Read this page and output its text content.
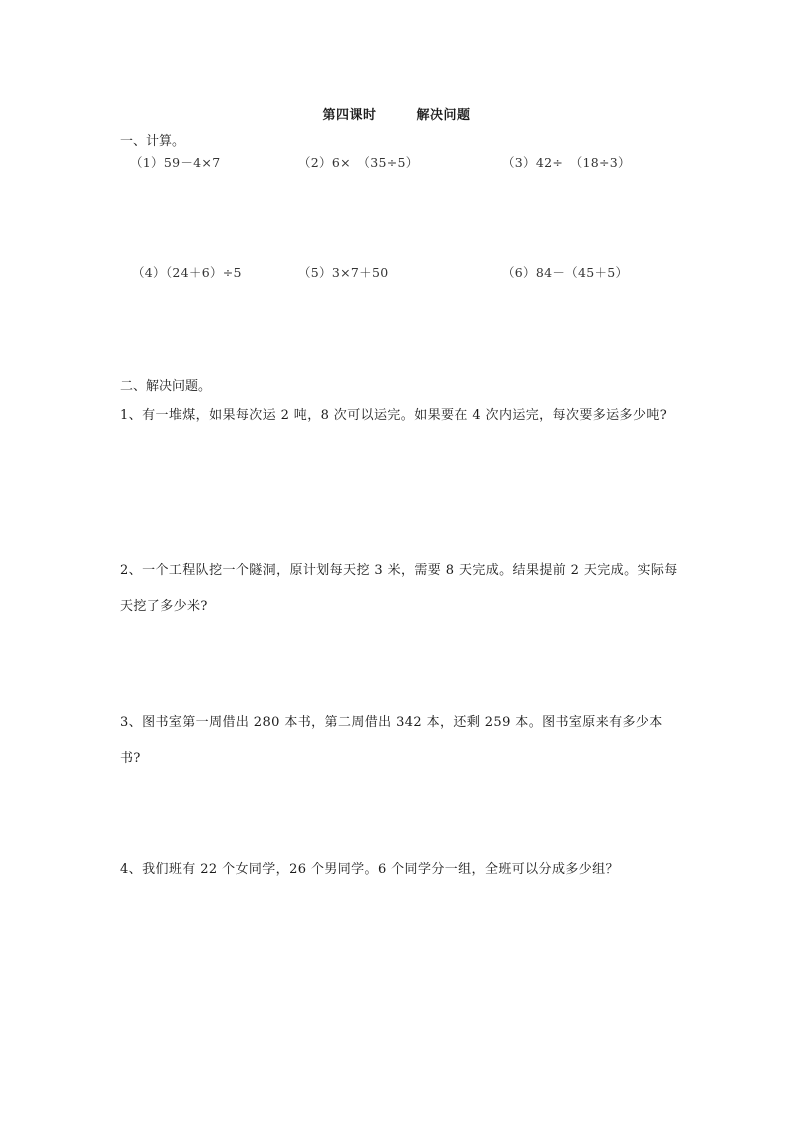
第四课时	解决问题
一、计算。
（1）59－4×7	（2）6×　（35÷5）	（3）42÷　（18÷3）
（4）（24＋6）÷5	（5）3×7＋50	（6）84－（45＋5）
二、解决问题。
1、有一堆煤，如果每次运 2 吨，8 次可以运完。如果要在 4 次内运完，每次要多运多少吨?
2、一个工程队挖一个隧洞，原计划每天挖 3 米，需要 8 天完成。结果提前 2 天完成。实际每天挖了多少米?
3、图书室第一周借出 280 本书，第二周借出 342 本，还剩 259 本。图书室原来有多少本书?
4、我们班有 22 个女同学，26 个男同学。6 个同学分一组，全班可以分成多少组？
